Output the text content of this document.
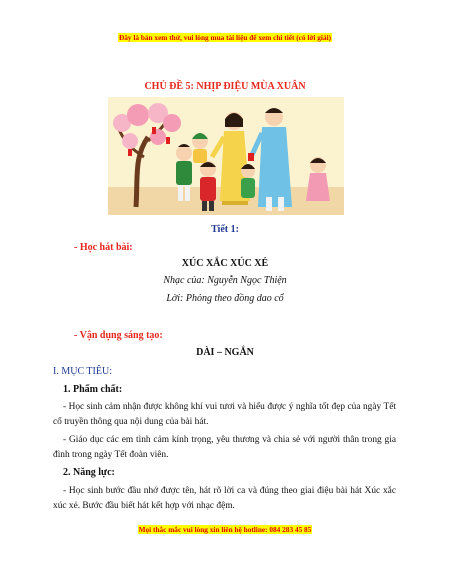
Đây là bản xem thử, vui lòng mua tài liệu để xem chi tiết (có lời giải)
CHỦ ĐỀ 5: NHỊP ĐIỆU MÙA XUÂN
Tiết 1:
- Học hát bài:
XÚC XẮC XÚC XẺ
Nhạc của: Nguyễn Ngọc Thiện
Lời: Phỏng theo đồng dao cổ
- Vận dụng sáng tạo:
DÀI – NGẮN
I. MỤC TIÊU:
1. Phẩm chất:
- Học sinh cảm nhận được không khí vui tươi và hiểu được ý nghĩa tốt đẹp của ngày Tết cổ truyền thông qua nội dung của bài hát.
- Giáo dục các em tình cảm kính trọng, yêu thương và chia sẻ với người thân trong gia đình trong ngày Tết đoàn viên.
2. Năng lực:
- Học sinh bước đầu nhớ được tên, hát rõ lời ca và đúng theo giai điệu bài hát Xúc xắc xúc xẻ. Bước đầu biết hát kết hợp với nhạc đệm.
Mọi thắc mắc vui lòng xin liên hệ hotline: 084 283 45 85
